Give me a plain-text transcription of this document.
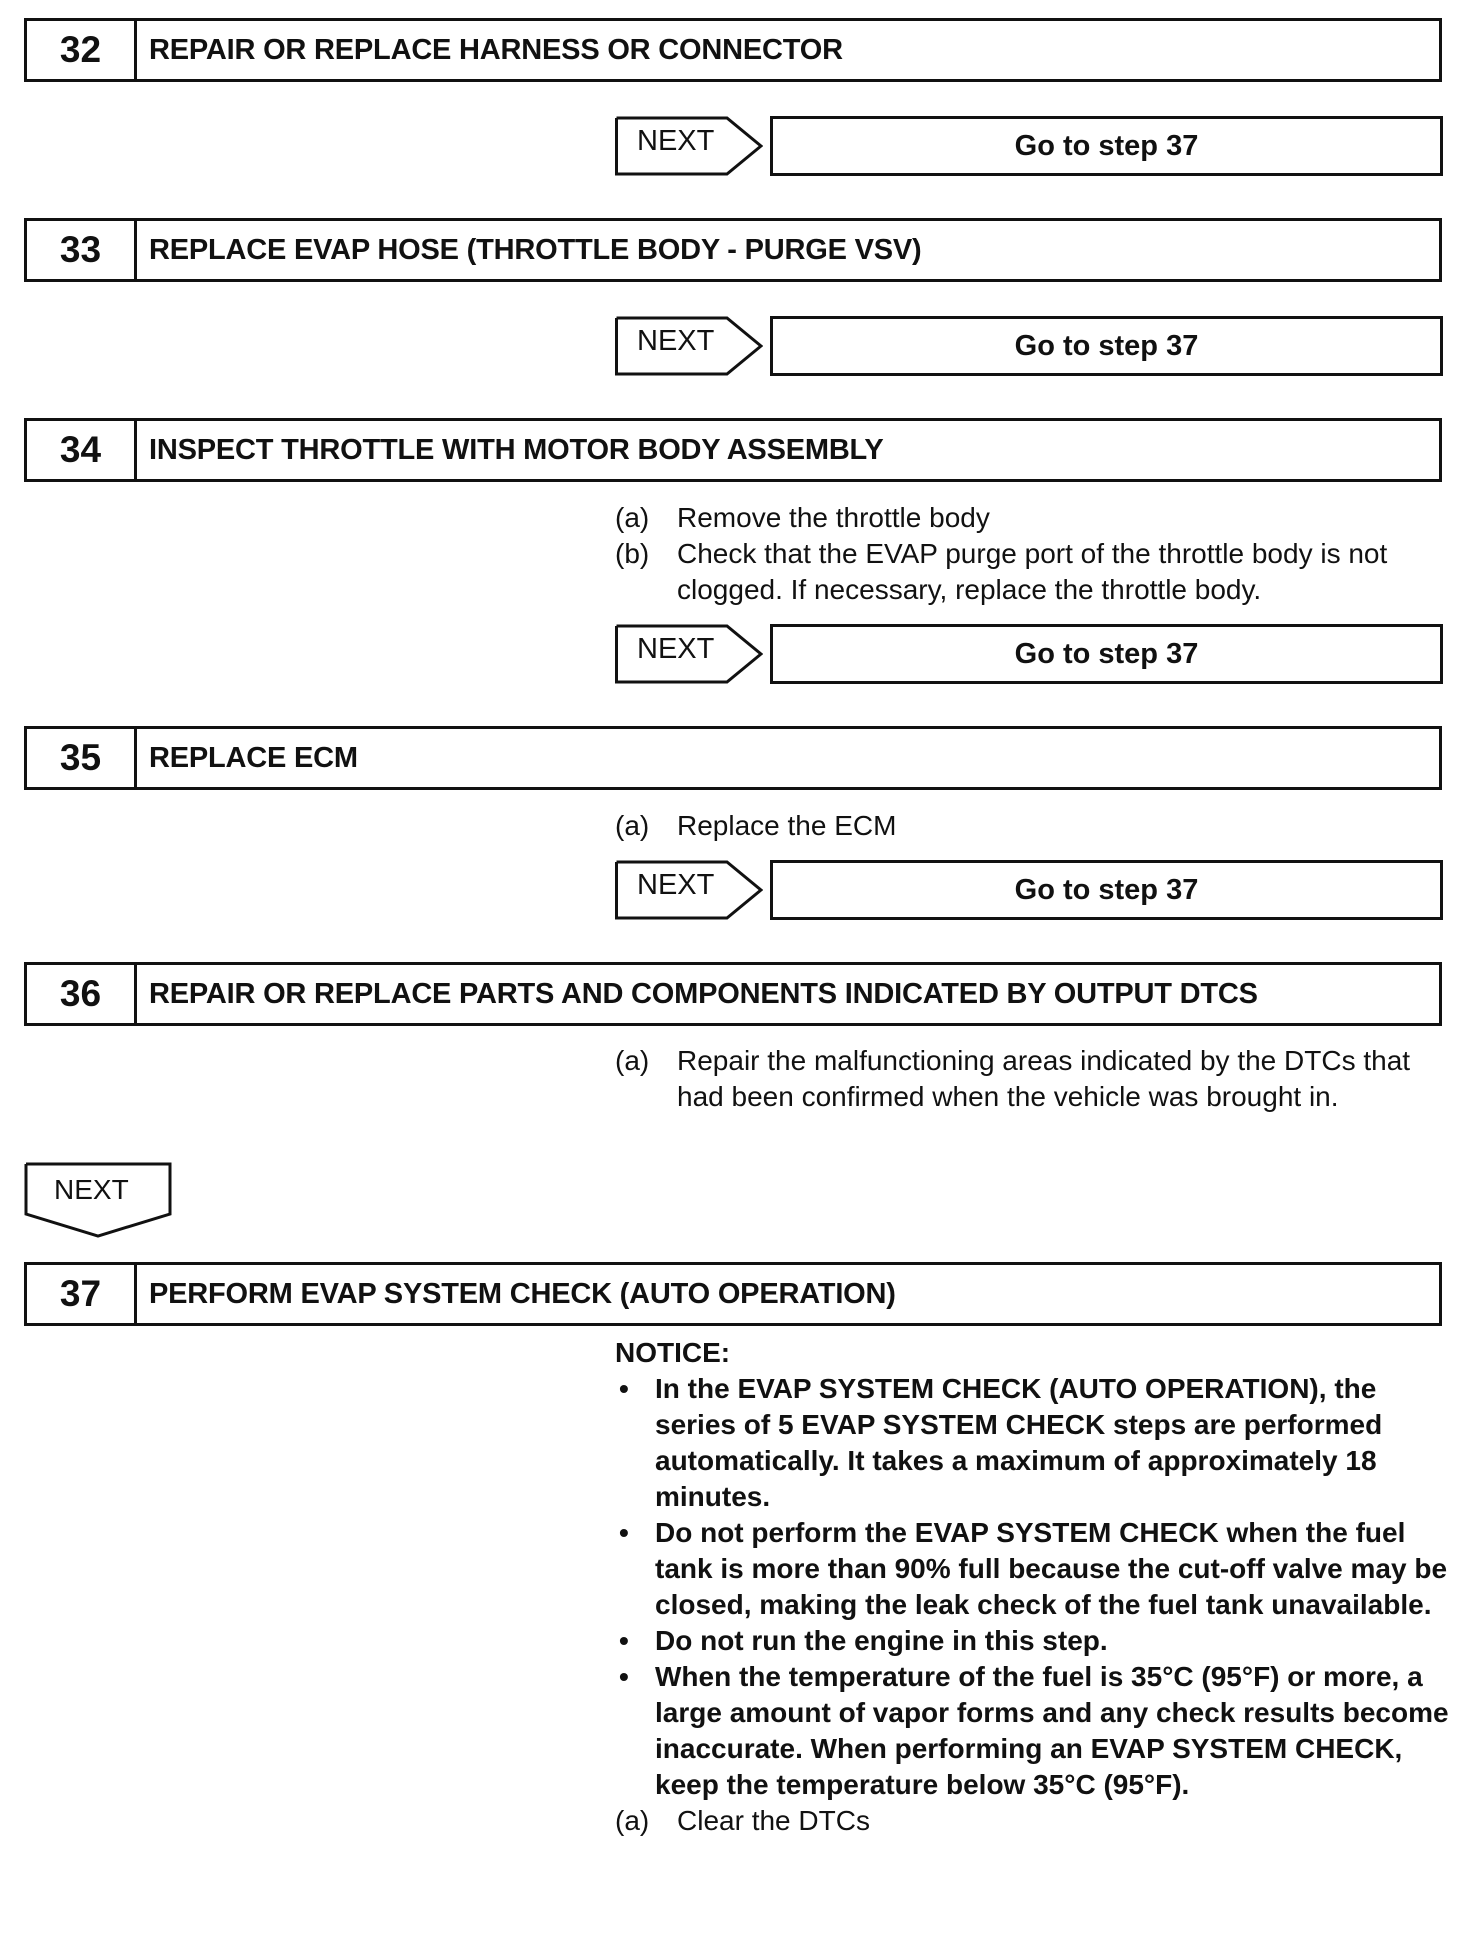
32	REPAIR OR REPLACE HARNESS OR CONNECTOR
NEXT	Go to step 37
33	REPLACE EVAP HOSE (THROTTLE BODY - PURGE VSV)
NEXT	Go to step 37
34	INSPECT THROTTLE WITH MOTOR BODY ASSEMBLY
(a) Remove the throttle body
(b) Check that the EVAP purge port of the throttle body is not clogged. If necessary, replace the throttle body.
NEXT	Go to step 37
35	REPLACE ECM
(a) Replace the ECM
NEXT	Go to step 37
36	REPAIR OR REPLACE PARTS AND COMPONENTS INDICATED BY OUTPUT DTCS
(a) Repair the malfunctioning areas indicated by the DTCs that had been confirmed when the vehicle was brought in.
NEXT
37	PERFORM EVAP SYSTEM CHECK (AUTO OPERATION)
NOTICE:
• In the EVAP SYSTEM CHECK (AUTO OPERATION), the series of 5 EVAP SYSTEM CHECK steps are performed automatically. It takes a maximum of approximately 18 minutes.
• Do not perform the EVAP SYSTEM CHECK when the fuel tank is more than 90% full because the cut-off valve may be closed, making the leak check of the fuel tank unavailable.
• Do not run the engine in this step.
• When the temperature of the fuel is 35°C (95°F) or more, a large amount of vapor forms and any check results become inaccurate. When performing an EVAP SYSTEM CHECK, keep the temperature below 35°C (95°F).
(a) Clear the DTCs
